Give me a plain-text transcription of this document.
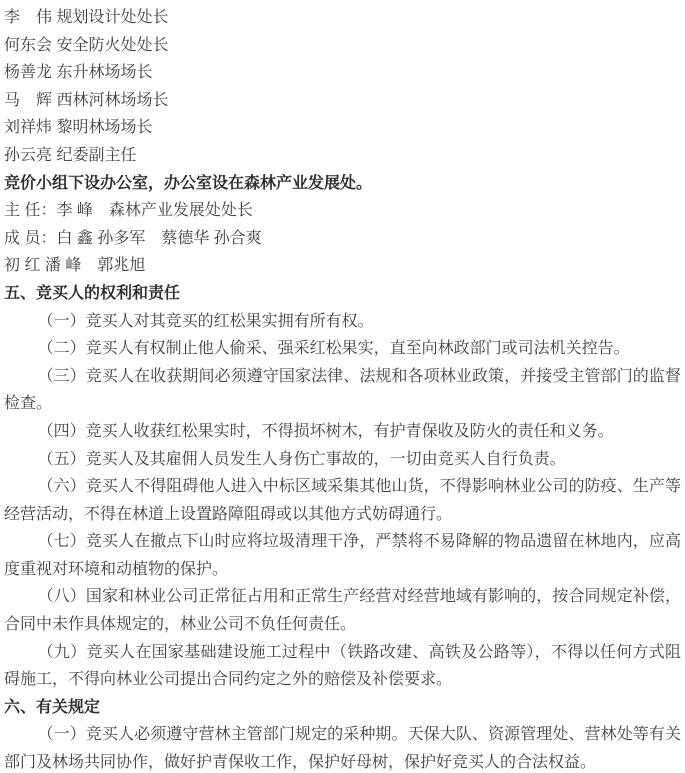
李　伟 规划设计处处长

何东会 安全防火处处长

杨善龙 东升林场场长

马　辉 西林河林场场长

刘祥炜 黎明林场场长

孙云亮 纪委副主任

竞价小组下设办公室，办公室设在森林产业发展处。

主 任：李 峰　森林产业发展处处长

成 员：白 鑫 孙多军　蔡德华 孙合爽

初 红 潘 峰　郭兆旭

五、竞买人的权利和责任

（一）竞买人对其竞买的红松果实拥有所有权。

（二）竞买人有权制止他人偷采、强采红松果实，直至向林政部门或司法机关控告。

（三）竞买人在收获期间必须遵守国家法律、法规和各项林业政策，并接受主管部门的监督检查。

（四）竞买人收获红松果实时，不得损坏树木，有护青保收及防火的责任和义务。

（五）竞买人及其雇佣人员发生人身伤亡事故的，一切由竞买人自行负责。

（六）竞买人不得阻碍他人进入中标区域采集其他山货，不得影响林业公司的防疫、生产等经营活动，不得在林道上设置路障阻碍或以其他方式妨碍通行。

（七）竞买人在撤点下山时应将垃圾清理干净，严禁将不易降解的物品遗留在林地内，应高度重视对环境和动植物的保护。

（八）国家和林业公司正常征占用和正常生产经营对经营地域有影响的，按合同规定补偿，合同中未作具体规定的，林业公司不负任何责任。

（九）竞买人在国家基础建设施工过程中（铁路改建、高铁及公路等），不得以任何方式阻碍施工，不得向林业公司提出合同约定之外的赔偿及补偿要求。

六、有关规定

（一）竞买人必须遵守营林主管部门规定的采种期。天保大队、资源管理处、营林处等有关部门及林场共同协作，做好护青保收工作，保护好母树，保护好竞买人的合法权益。
